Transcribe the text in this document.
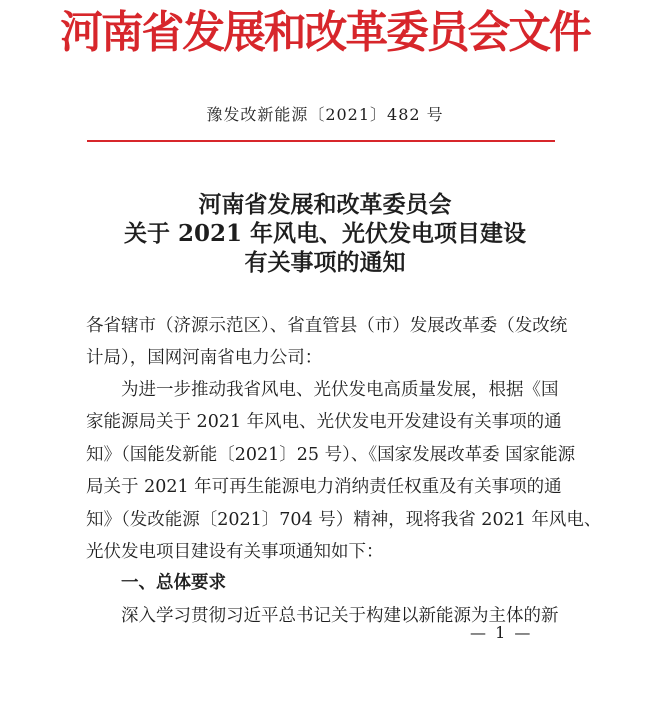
河南省发展和改革委员会文件
豫发改新能源〔2021〕482 号
河南省发展和改革委员会
关于 2021 年风电、光伏发电项目建设
有关事项的通知
各省辖市（济源示范区）、省直管县（市）发展改革委（发改统
计局），国网河南省电力公司：
为进一步推动我省风电、光伏发电高质量发展，根据《国
家能源局关于 2021 年风电、光伏发电开发建设有关事项的通
知》（国能发新能〔2021〕25 号）、《国家发展改革委 国家能源
局关于 2021 年可再生能源电力消纳责任权重及有关事项的通
知》（发改能源〔2021〕704 号）精神，现将我省 2021 年风电、
光伏发电项目建设有关事项通知如下：
一、总体要求
深入学习贯彻习近平总书记关于构建以新能源为主体的新
— 1 —
